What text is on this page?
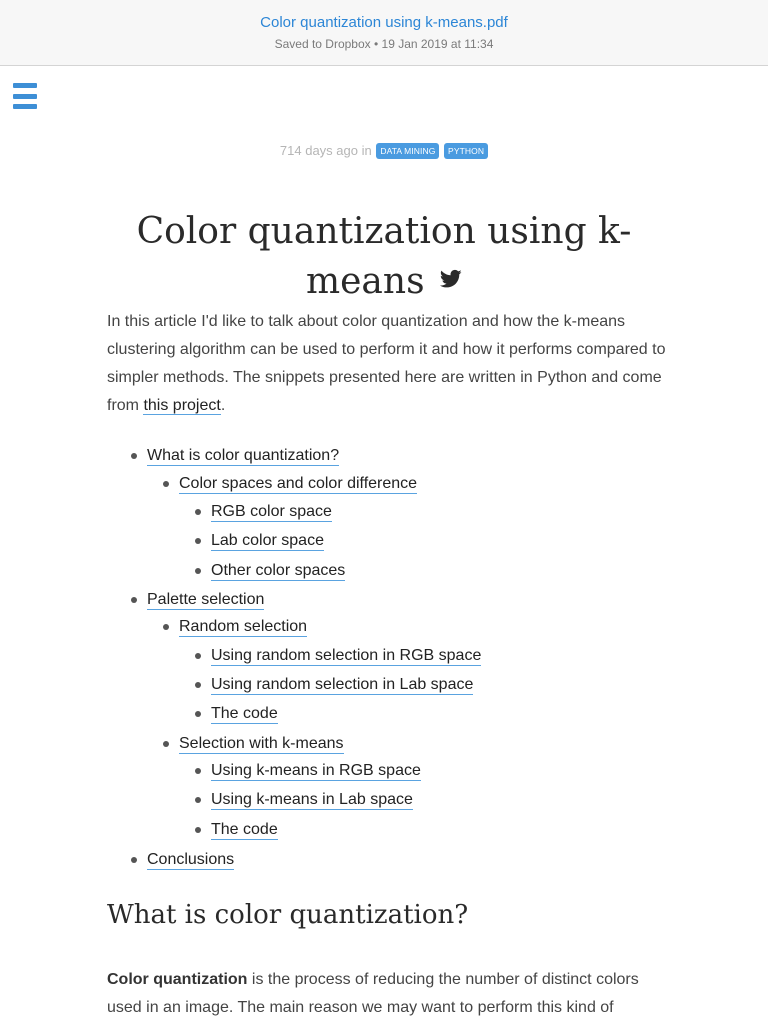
Color quantization using k-means.pdf
Saved to Dropbox • 19 Jan 2019 at 11:34
714 days ago in DATA MINING PYTHON
Color quantization using k-
means

In this article I'd like to talk about color quantization and how the k-means clustering algorithm can be used to perform it and how it performs compared to simpler methods. The snippets presented here are written in Python and come from this project.

What is color quantization?
Color spaces and color difference
RGB color space
Lab color space
Other color spaces
Palette selection
Random selection
Using random selection in RGB space
Using random selection in Lab space
The code
Selection with k-means
Using k-means in RGB space
Using k-means in Lab space
The code
Conclusions
What is color quantization?

Color quantization is the process of reducing the number of distinct colors used in an image. The main reason we may want to perform this kind of
